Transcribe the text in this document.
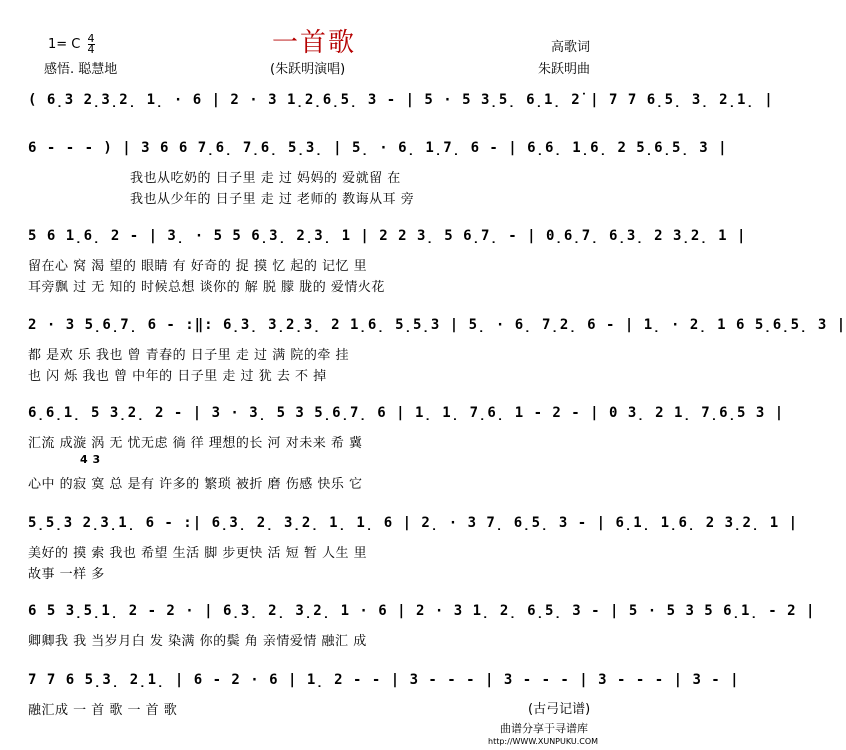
1= C $\frac{4}{4}$
感悟. 聪慧地
一首歌
(朱跃明演唱)
高歌词
朱跃明曲
( 6̣3 2̣3̣2̣ 1̣ · 6 | 2 · 3 1̣2̣6̣5̣ 3 - | 5 · 5 3̣5̣ 6̣1̣ 2̇ | 7 7 6̣5̣ 3̣ 2̣1̣ |
6 - - - ) | 3 6 6 7̣6̣ 7̣6̣ 5̣3̣ | 5̣ · 6̣ 1̣7̣ 6 - | 6̣6̣ 1̣6̣ 2 5̣6̣5̣ 3 |
我也从吃奶的 日子里 走 过 妈妈的 爱就留 在
我也从少年的 日子里 走 过 老师的 教诲从耳 旁
5 6 1̣6̣ 2 - | 3̣ · 5 5 6̣3̣ 2̣3̣ 1 | 2 2 3̣ 5 6̣7̣ - | 0̣6̣7̣ 6̣3̣ 2 3̣2̣ 1 |
留在心 窝 渴 望的 眼睛 有 好奇的 捉 摸 忆 起的 记忆 里
耳旁飘 过 无 知的 时候总想 谈你的 解 脱 朦 胧的 爱情火花
2 · 3 5̣6̣7̣ 6 - :‖: 6̣3̣ 3̣2̣3̣ 2 1̣6̣ 5̣5̣3 | 5̣ · 6̣ 7̣2̣ 6 - | 1̣ · 2̣ 1 6 5̣6̣5̣ 3 |
都 是欢 乐 我也 曾 青春的 日子里 走 过 满 院的牵 挂
也 闪 烁 我也 曾 中年的 日子里 走 过 犹 去 不 掉
6̣6̣1̣ 5 3̣2̣ 2 - | 3 · 3̣ 5 3 5̣6̣7̣ 6 | 1̣ 1̣ 7̣6̣ 1 - 2 - | 0 3̣ 2 1̣ 7̣6̣5 3 |
汇流 成漩 涡 无 忧无虑 徜 徉 理想的长 河 对未来 希 冀
4 3
心中 的寂 寞 总 是有 许多的 繁琐 被折 磨 伤感 快乐 它
5̣5̣3 2̣3̣1̣ 6 - :| 6̣3̣ 2̣ 3̣2̣ 1̣ 1̣ 6 | 2̣ · 3 7̣ 6̣5̣ 3 - | 6̣1̣ 1̣6̣ 2 3̣2̣ 1 |
美好的 摸 索 我也 希望 生活 脚 步更快 活 短 暂 人生 里
故事 一样 多
6 5 3̣5̣1̣ 2 - 2 · | 6̣3̣ 2̣ 3̣2̣ 1 · 6 | 2 · 3 1̣ 2̣ 6̣5̣ 3 - | 5 · 5 3 5 6̣1̣ - 2 |
卿卿我 我 当岁月白 发 染满 你的鬓 角 亲情爱情 融汇 成
7 7 6 5̣3̣ 2̣1̣ | 6 - 2 · 6 | 1̣ 2 - - | 3 - - - | 3 - - - | 3 - - - | 3 - |
融汇成 一 首 歌 一 首 歌	(古弓记谱)
曲谱分享于寻谱库
http://WWW.XUNPUKU.COM
